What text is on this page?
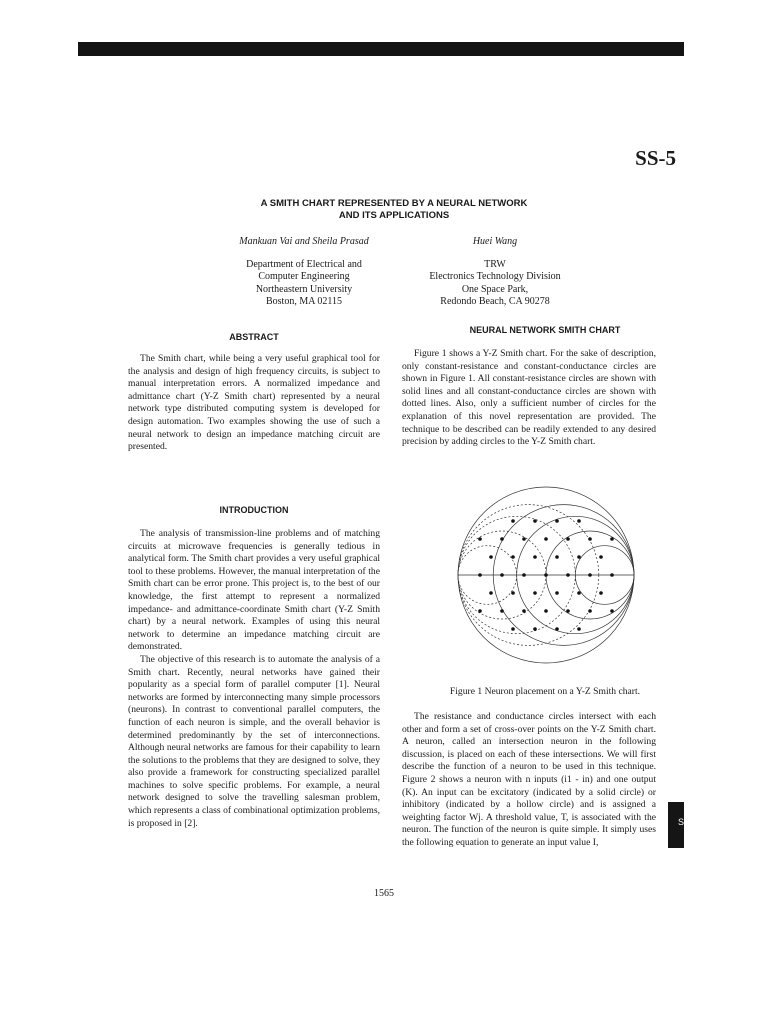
SS-5
A SMITH CHART REPRESENTED BY A NEURAL NETWORK
AND ITS APPLICATIONS
Mankuan Vai and Sheila Prasad
Department of Electrical and
Computer Engineering
Northeastern University
Boston, MA 02115
Huei Wang
TRW
Electronics Technology Division
One Space Park,
Redondo Beach, CA 90278
ABSTRACT

The Smith chart, while being a very useful graphical tool for the analysis and design of high frequency circuits, is subject to manual interpretation errors. A normalized impedance and admittance chart (Y-Z Smith chart) represented by a neural network type distributed computing system is developed for design automation. Two examples showing the use of such a neural network to design an impedance matching circuit are presented.

NEURAL NETWORK SMITH CHART

Figure 1 shows a Y-Z Smith chart. For the sake of description, only constant-resistance and constant-conductance circles are shown in Figure 1. All constant-resistance circles are shown with solid lines and all constant-conductance circles are shown with dotted lines. Also, only a sufficient number of circles for the explanation of this novel representation are provided. The technique to be described can be readily extended to any desired precision by adding circles to the Y-Z Smith chart.

INTRODUCTION

The analysis of transmission-line problems and of matching circuits at microwave frequencies is generally tedious in analytical form. The Smith chart provides a very useful graphical tool to these problems. However, the manual interpretation of the Smith chart can be error prone. This project is, to the best of our knowledge, the first attempt to represent a normalized impedance- and admittance-coordinate Smith chart (Y-Z Smith chart) by a neural network. Examples of using this neural network to determine an impedance matching circuit are demonstrated.

The objective of this research is to automate the analysis of a Smith chart. Recently, neural networks have gained their popularity as a special form of parallel computer [1]. Neural networks are formed by interconnecting many simple processors (neurons). In contrast to conventional parallel computers, the function of each neuron is simple, and the overall behavior is determined predominantly by the set of interconnections. Although neural networks are famous for their capability to learn the solutions to the problems that they are designed to solve, they also provide a framework for constructing specialized parallel machines to solve specific problems. For example, a neural network designed to solve the travelling salesman problem, which represents a class of combinational optimization problems, is proposed in [2].

Figure 1 Neuron placement on a Y-Z Smith chart.

The resistance and conductance circles intersect with each other and form a set of cross-over points on the Y-Z Smith chart. A neuron, called an intersection neuron in the following discussion, is placed on each of these intersections. We will first describe the function of a neuron to be used in this technique. Figure 2 shows a neuron with n inputs (i1 - in) and one output (K). An input can be excitatory (indicated by a solid circle) or inhibitory (indicated by a hollow circle) and is assigned a weighting factor Wj. A threshold value, T, is associated with the neuron. The function of the neuron is quite simple. It simply uses the following equation to generate an input value I,

1565
S
